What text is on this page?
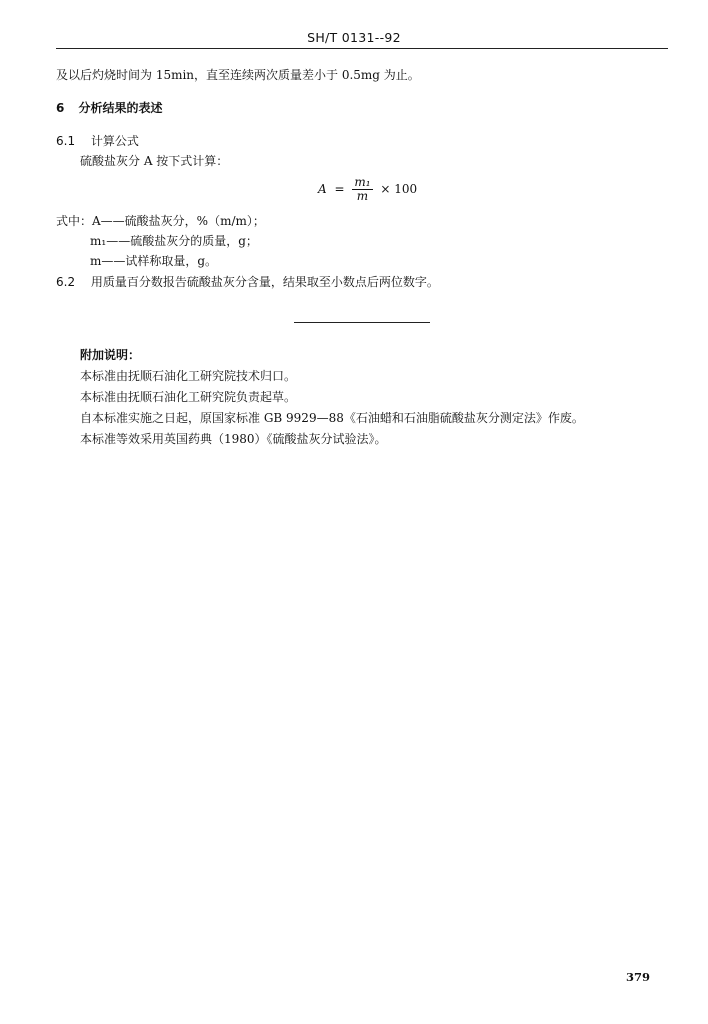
SH/T 0131--92
及以后灼烧时间为 15min，直至连续两次质量差小于 0.5mg 为止。
6 分析结果的表述
6.1 计算公式
硫酸盐灰分 A 按下式计算：
$A = \frac{\text{m₁}}{m} \times 100$
式中：A——硫酸盐灰分，%（m/m）；
m₁——硫酸盐灰分的质量，g；
m——试样称取量，g。
6.2 用质量百分数报告硫酸盐灰分含量，结果取至小数点后两位数字。
附加说明：
本标准由抚顺石油化工研究院技术归口。
本标准由抚顺石油化工研究院负责起草。
自本标准实施之日起，原国家标准 GB 9929—88《石油蜡和石油脂硫酸盐灰分测定法》作废。
本标准等效采用英国药典（1980）《硫酸盐灰分试验法》。
379
